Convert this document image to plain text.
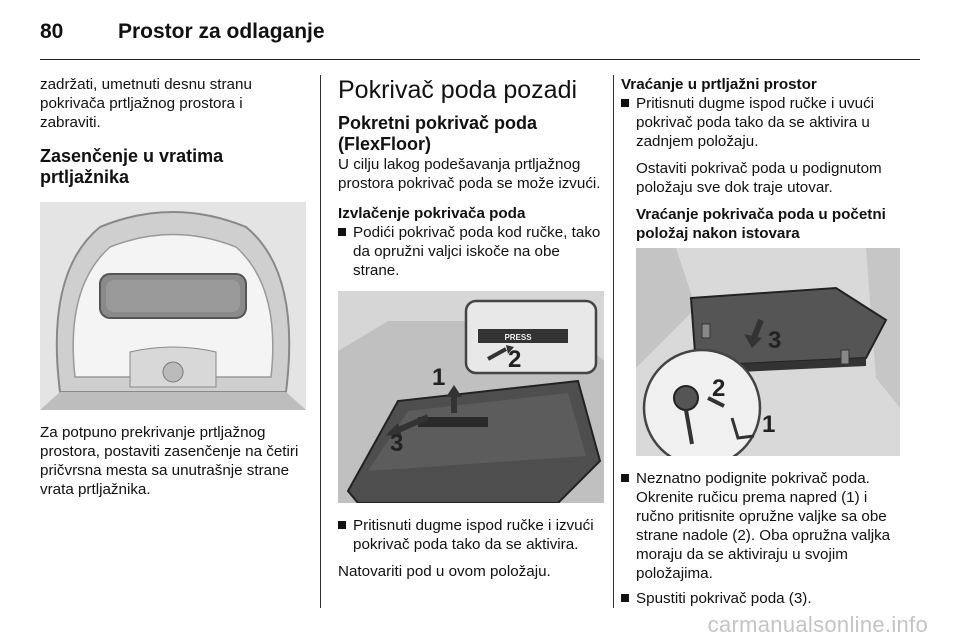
80	Prostor za odlaganje

zadržati, umetnuti desnu stranu pokrivača prtljažnog prostora i zabraviti.

Zasenčenje u vratima prtljažnika

Za potpuno prekrivanje prtljažnog prostora, postaviti zasenčenje na četiri pričvrsna mesta sa unutrašnje strane vrata prtljažnika.

Pokrivač poda pozadi
Pokretni pokrivač poda (FlexFloor)

U cilju lakog podešavanja prtljažnog prostora pokrivač poda se može izvući.

Izvlačenje pokrivača poda
Podići pokrivač poda kod ručke, tako da opružni valjci iskoče na obe strane.
PRESS
1
2
3
Pritisnuti dugme ispod ručke i izvući pokrivač poda tako da se aktivira.

Natovariti pod u ovom položaju.

Vraćanje u prtljažni prostor
Pritisnuti dugme ispod ručke i uvući pokrivač poda tako da se aktivira u zadnjem položaju.

Ostaviti pokrivač poda u podignutom položaju sve dok traje utovar.

Vraćanje pokrivača poda u početni položaj nakon istovara
3
2
1
Neznatno podignite pokrivač poda. Okrenite ručicu prema napred (1) i ručno pritisnite opružne valjke sa obe strane nadole (2). Oba opružna valjka moraju da se aktiviraju u svojim položajima.
Spustiti pokrivač poda (3).
carmanualsonline.info
